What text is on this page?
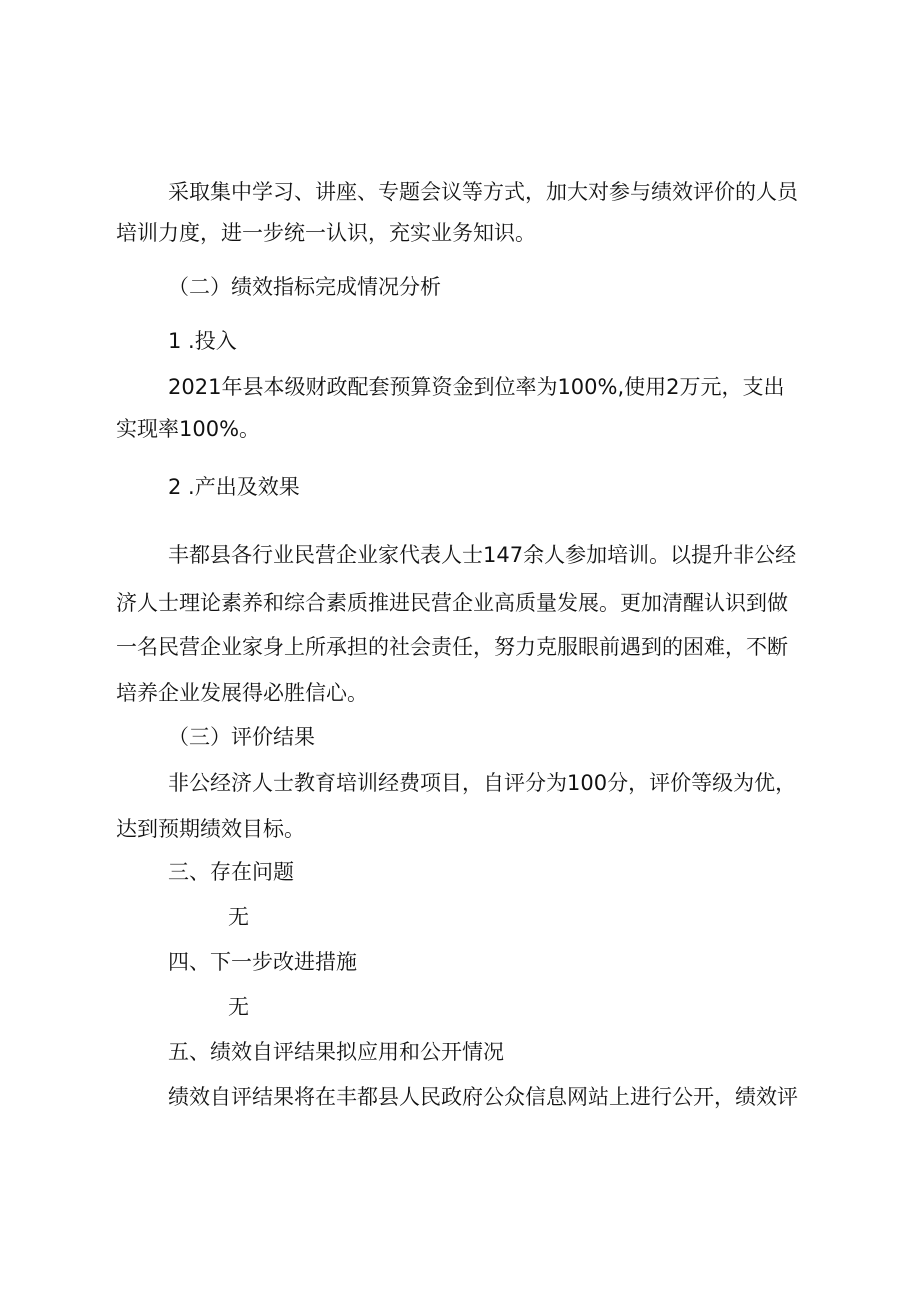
采取集中学习、讲座、专题会议等方式，加大对参与绩效评价的人员

培训力度，进一步统一认识，充实业务知识。

（二）绩效指标完成情况分析

1 .投入

2021年县本级财政配套预算资金到位率为100%,使用2万元，支出

实现率100%。

2 .产出及效果

丰都县各行业民营企业家代表人士147余人参加培训。以提升非公经

济人士理论素养和综合素质推进民营企业高质量发展。更加清醒认识到做

一名民营企业家身上所承担的社会责任，努力克服眼前遇到的困难，不断

培养企业发展得必胜信心。

（三）评价结果

非公经济人士教育培训经费项目，自评分为100分，评价等级为优，

达到预期绩效目标。

三、存在问题

无

四、下一步改进措施

无

五、绩效自评结果拟应用和公开情况

绩效自评结果将在丰都县人民政府公众信息网站上进行公开，绩效评
